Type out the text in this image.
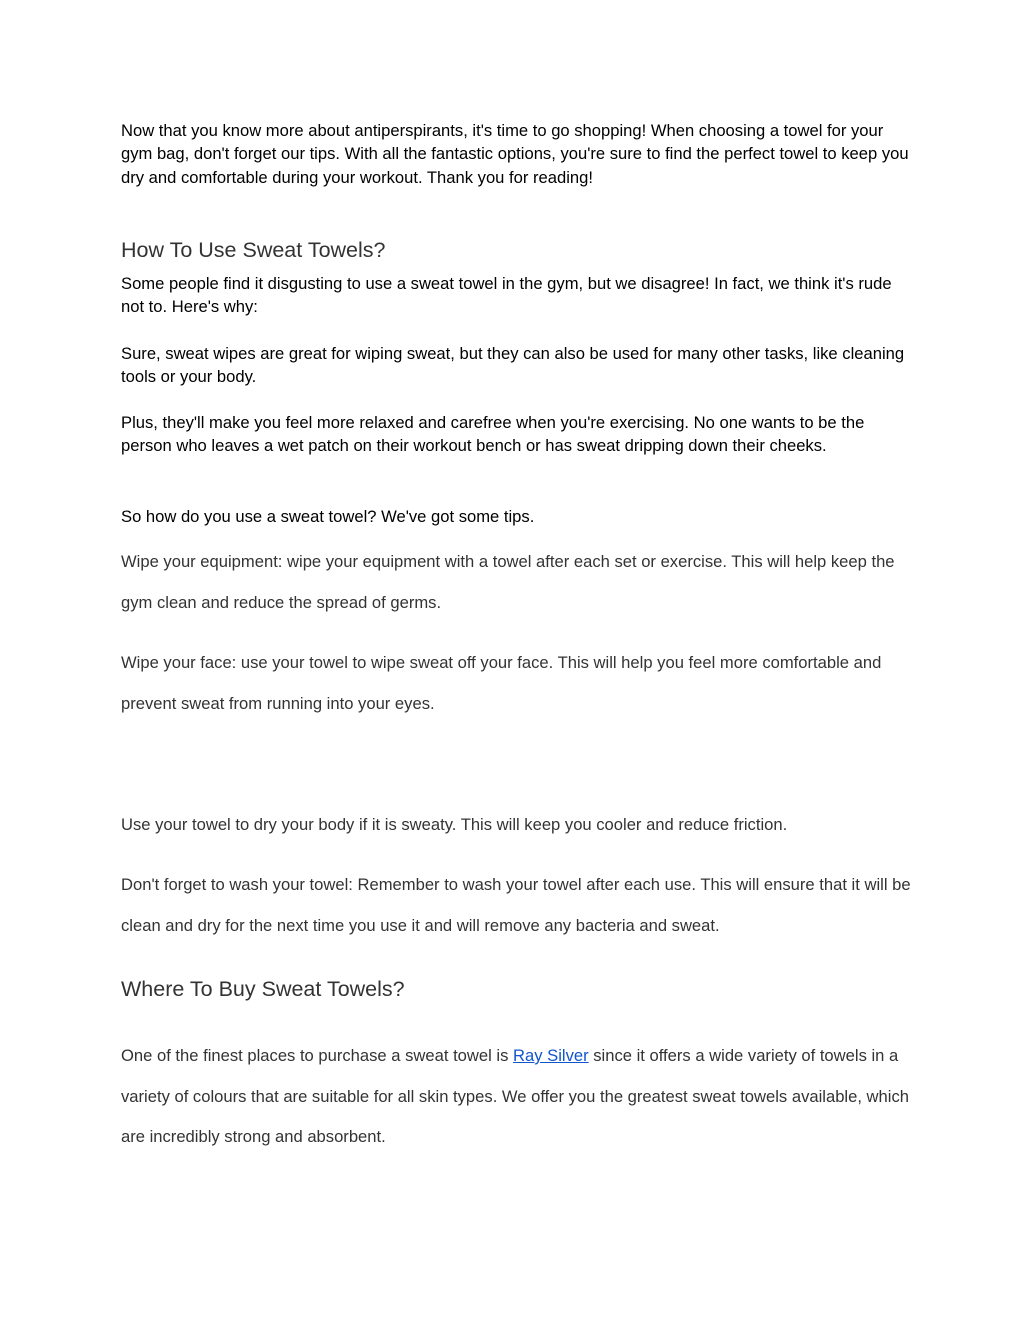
Now that you know more about antiperspirants, it's time to go shopping! When choosing a towel for your gym bag, don't forget our tips. With all the fantastic options, you're sure to find the perfect towel to keep you dry and comfortable during your workout. Thank you for reading!

How To Use Sweat Towels?

Some people find it disgusting to use a sweat towel in the gym, but we disagree! In fact, we think it's rude not to. Here's why:

Sure, sweat wipes are great for wiping sweat, but they can also be used for many other tasks, like cleaning tools or your body.

Plus, they'll make you feel more relaxed and carefree when you're exercising. No one wants to be the person who leaves a wet patch on their workout bench or has sweat dripping down their cheeks.

So how do you use a sweat towel? We've got some tips.

Wipe your equipment: wipe your equipment with a towel after each set or exercise. This will help keep the gym clean and reduce the spread of germs.

Wipe your face: use your towel to wipe sweat off your face. This will help you feel more comfortable and prevent sweat from running into your eyes.

Use your towel to dry your body if it is sweaty. This will keep you cooler and reduce friction.

Don't forget to wash your towel: Remember to wash your towel after each use. This will ensure that it will be clean and dry for the next time you use it and will remove any bacteria and sweat.

Where To Buy Sweat Towels?

One of the finest places to purchase a sweat towel is Ray Silver since it offers a wide variety of towels in a variety of colours that are suitable for all skin types. We offer you the greatest sweat towels available, which are incredibly strong and absorbent.
